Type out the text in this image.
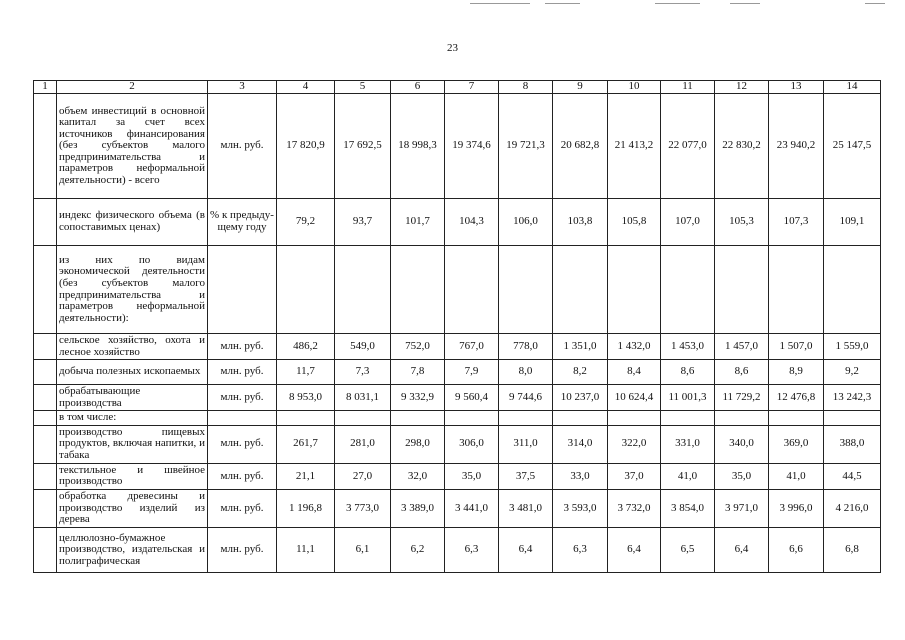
23
1	2	3	4	5	6	7	8	9	10	11	12	13	14
	объем инвестиций в основной капитал за счет всех источников финансирования (без субъектов малого предпринимательства и параметров неформальной деятельности) - всего	млн. руб.	17 820,9	17 692,5	18 998,3	19 374,6	19 721,3	20 682,8	21 413,2	22 077,0	22 830,2	23 940,2	25 147,5
	индекс физического объема (в сопоставимых ценах)	% к предыду-щему году	79,2	93,7	101,7	104,3	106,0	103,8	105,8	107,0	105,3	107,3	109,1
	из них по видам экономической деятельности (без субъектов малого предпринимательства и параметров неформальной деятельности):												
	сельское хозяйство, охота и лесное хозяйство	млн. руб.	486,2	549,0	752,0	767,0	778,0	1 351,0	1 432,0	1 453,0	1 457,0	1 507,0	1 559,0
	добыча полезных ископаемых	млн. руб.	11,7	7,3	7,8	7,9	8,0	8,2	8,4	8,6	8,6	8,9	9,2
	обрабатывающие производства	млн. руб.	8 953,0	8 031,1	9 332,9	9 560,4	9 744,6	10 237,0	10 624,4	11 001,3	11 729,2	12 476,8	13 242,3
	в том числе:												
	производство пищевых продуктов, включая напитки, и табака	млн. руб.	261,7	281,0	298,0	306,0	311,0	314,0	322,0	331,0	340,0	369,0	388,0
	текстильное и швейное производство	млн. руб.	21,1	27,0	32,0	35,0	37,5	33,0	37,0	41,0	35,0	41,0	44,5
	обработка древесины и производство изделий из дерева	млн. руб.	1 196,8	3 773,0	3 389,0	3 441,0	3 481,0	3 593,0	3 732,0	3 854,0	3 971,0	3 996,0	4 216,0
	целлюлозно-бумажное производство, издательская и полиграфическая	млн. руб.	11,1	6,1	6,2	6,3	6,4	6,3	6,4	6,5	6,4	6,6	6,8
